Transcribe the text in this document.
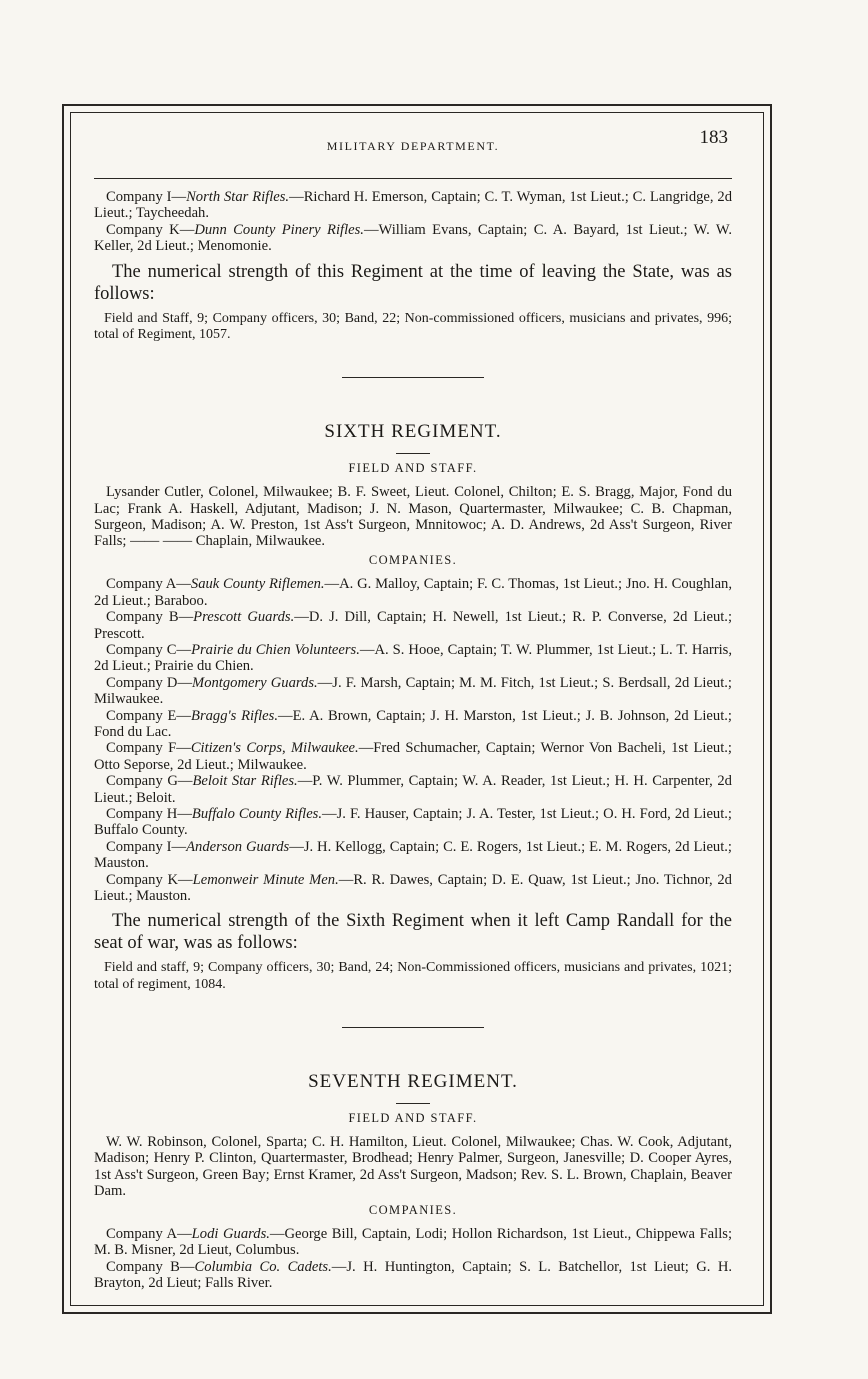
MILITARY DEPARTMENT.	183

Company I—North Star Rifles.—Richard H. Emerson, Captain; C. T. Wyman, 1st Lieut.; C. Langridge, 2d Lieut.; Taycheedah.

Company K—Dunn County Pinery Rifles.—William Evans, Captain; C. A. Bayard, 1st Lieut.; W. W. Keller, 2d Lieut.; Menomonie.

The numerical strength of this Regiment at the time of leaving the State, was as follows:

Field and Staff, 9; Company officers, 30; Band, 22; Non-commissioned officers, musicians and privates, 996; total of Regiment, 1057.

SIXTH REGIMENT.
FIELD AND STAFF.

Lysander Cutler, Colonel, Milwaukee; B. F. Sweet, Lieut. Colonel, Chilton; E. S. Bragg, Major, Fond du Lac; Frank A. Haskell, Adjutant, Madison; J. N. Mason, Quartermaster, Milwaukee; C. B. Chapman, Surgeon, Madison; A. W. Preston, 1st Ass't Surgeon, Mnnitowoc; A. D. Andrews, 2d Ass't Surgeon, River Falls; —— —— Chaplain, Milwaukee.

COMPANIES.

Company A—Sauk County Riflemen.—A. G. Malloy, Captain; F. C. Thomas, 1st Lieut.; Jno. H. Coughlan, 2d Lieut.; Baraboo.

Company B—Prescott Guards.—D. J. Dill, Captain; H. Newell, 1st Lieut.; R. P. Converse, 2d Lieut.; Prescott.

Company C—Prairie du Chien Volunteers.—A. S. Hooe, Captain; T. W. Plummer, 1st Lieut.; L. T. Harris, 2d Lieut.; Prairie du Chien.

Company D—Montgomery Guards.—J. F. Marsh, Captain; M. M. Fitch, 1st Lieut.; S. Berdsall, 2d Lieut.; Milwaukee.

Company E—Bragg's Rifles.—E. A. Brown, Captain; J. H. Marston, 1st Lieut.; J. B. Johnson, 2d Lieut.; Fond du Lac.

Company F—Citizen's Corps, Milwaukee.—Fred Schumacher, Captain; Wernor Von Bacheli, 1st Lieut.; Otto Seporse, 2d Lieut.; Milwaukee.

Company G—Beloit Star Rifles.—P. W. Plummer, Captain; W. A. Reader, 1st Lieut.; H. H. Carpenter, 2d Lieut.; Beloit.

Company H—Buffalo County Rifles.—J. F. Hauser, Captain; J. A. Tester, 1st Lieut.; O. H. Ford, 2d Lieut.; Buffalo County.

Company I—Anderson Guards—J. H. Kellogg, Captain; C. E. Rogers, 1st Lieut.; E. M. Rogers, 2d Lieut.; Mauston.

Company K—Lemonweir Minute Men.—R. R. Dawes, Captain; D. E. Quaw, 1st Lieut.; Jno. Tichnor, 2d Lieut.; Mauston.

The numerical strength of the Sixth Regiment when it left Camp Randall for the seat of war, was as follows:

Field and staff, 9; Company officers, 30; Band, 24; Non-Commissioned officers, musicians and privates, 1021; total of regiment, 1084.

SEVENTH REGIMENT.
FIELD AND STAFF.

W. W. Robinson, Colonel, Sparta; C. H. Hamilton, Lieut. Colonel, Milwaukee; Chas. W. Cook, Adjutant, Madison; Henry P. Clinton, Quartermaster, Brodhead; Henry Palmer, Surgeon, Janesville; D. Cooper Ayres, 1st Ass't Surgeon, Green Bay; Ernst Kramer, 2d Ass't Surgeon, Madson; Rev. S. L. Brown, Chaplain, Beaver Dam.

COMPANIES.

Company A—Lodi Guards.—George Bill, Captain, Lodi; Hollon Richardson, 1st Lieut., Chippewa Falls; M. B. Misner, 2d Lieut, Columbus.

Company B—Columbia Co. Cadets.—J. H. Huntington, Captain; S. L. Batchellor, 1st Lieut; G. H. Brayton, 2d Lieut; Falls River.
